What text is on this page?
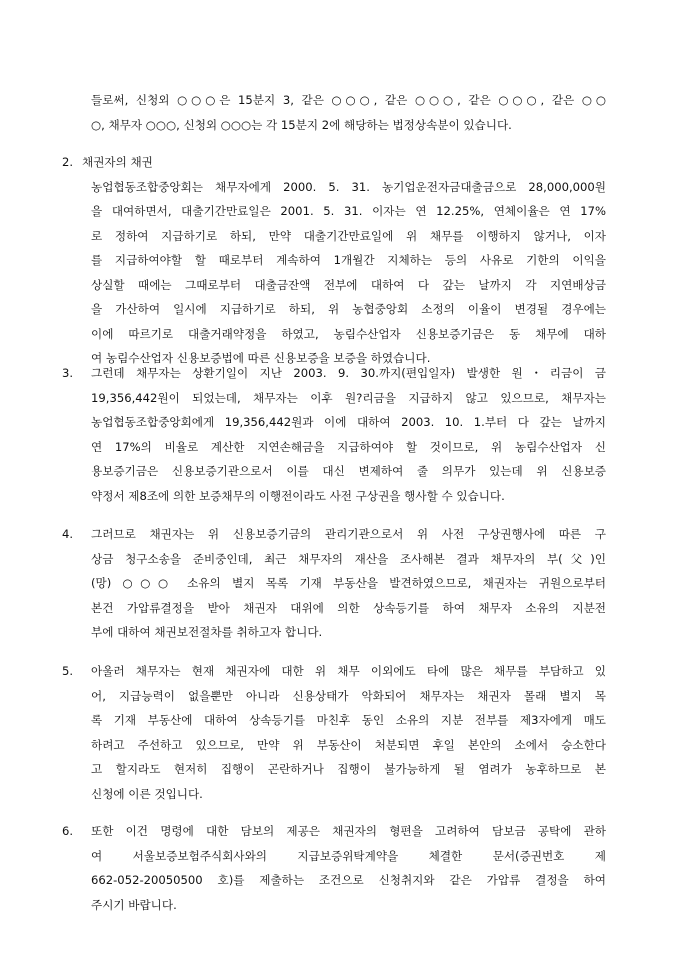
들로써, 신청외 ○○○은 15분지 3, 같은 ○○○, 같은 ○○○, 같은 ○○○, 같은 ○○
○, 채무자 ○○○, 신청외 ○○○는 각 15분지 2에 해당하는 법정상속분이 있습니다.
2. 채권자의 채권
농업협동조합중앙회는 채무자에게 2000. 5. 31. 농기업운전자금대출금으로 28,000,000원
을 대여하면서, 대출기간만료일은 2001. 5. 31. 이자는 연 12.25%, 연체이율은 연 17%
로 정하여 지급하기로 하되, 만약 대출기간만료일에 위 채무를 이행하지 않거나, 이자
를 지급하여야할 할 때로부터 계속하여 1개월간 지체하는 등의 사유로 기한의 이익을
상실할 때에는 그때로부터 대출금잔액 전부에 대하여 다 갚는 날까지 각 지연배상금
을 가산하여 일시에 지급하기로 하되, 위 농협중앙회 소정의 이율이 변경될 경우에는
이에 따르기로 대출거래약정을 하였고, 농림수산업자 신용보증기금은 동 채무에 대하
여 농림수산업자 신용보증법에 따른 신용보증을 보증을 하였습니다.
3.	그런데 채무자는 상환기일이 지난 2003. 9. 30.까지(편입일자) 발생한 원・리금이 금
19,356,442원이 되었는데, 채무자는 이후 원?리금을 지급하지 않고 있으므로, 채무자는
농업협동조합중앙회에게 19,356,442원과 이에 대하여 2003. 10. 1.부터 다 갚는 날까지
연 17%의 비율로 계산한 지연손해금을 지급하여야 할 것이므로, 위 농림수산업자 신
용보증기금은 신용보증기관으로서 이를 대신 변제하여 줄 의무가 있는데 위 신용보증
약정서 제8조에 의한 보증채무의 이행전이라도 사전 구상권을 행사할 수 있습니다.
4.	그러므로 채권자는 위 신용보증기금의 관리기관으로서 위 사전 구상권행사에 따른 구
상금 청구소송을 준비중인데, 최근 채무자의 재산을 조사해본 결과 채무자의 부(父)인
(망) ○○○ 소유의 별지 목록 기재 부동산을 발견하였으므로, 채권자는 귀원으로부터
본건 가압류결정을 받아 채권자 대위에 의한 상속등기를 하여 채무자 소유의 지분전
부에 대하여 채권보전절차를 취하고자 합니다.
5.	아울러 채무자는 현재 채권자에 대한 위 채무 이외에도 타에 많은 채무를 부담하고 있
어, 지급능력이 없을뿐만 아니라 신용상태가 악화되어 채무자는 채권자 몰래 별지 목
록 기재 부동산에 대하여 상속등기를 마친후 동인 소유의 지분 전부를 제3자에게 매도
하려고 주선하고 있으므로, 만약 위 부동산이 처분되면 후일 본안의 소에서 승소한다
고 할지라도 현저히 집행이 곤란하거나 집행이 불가능하게 될 염려가 농후하므로 본
신청에 이른 것입니다.
6.	또한 이건 명령에 대한 담보의 제공은 채권자의 형편을 고려하여 담보금 공탁에 관하
여 서울보증보험주식회사와의 지급보증위탁계약을 체결한 문서(증권번호 제
662-052-20050500 호)를 제출하는 조건으로 신청취지와 같은 가압류 결정을 하여
주시기 바랍니다.
